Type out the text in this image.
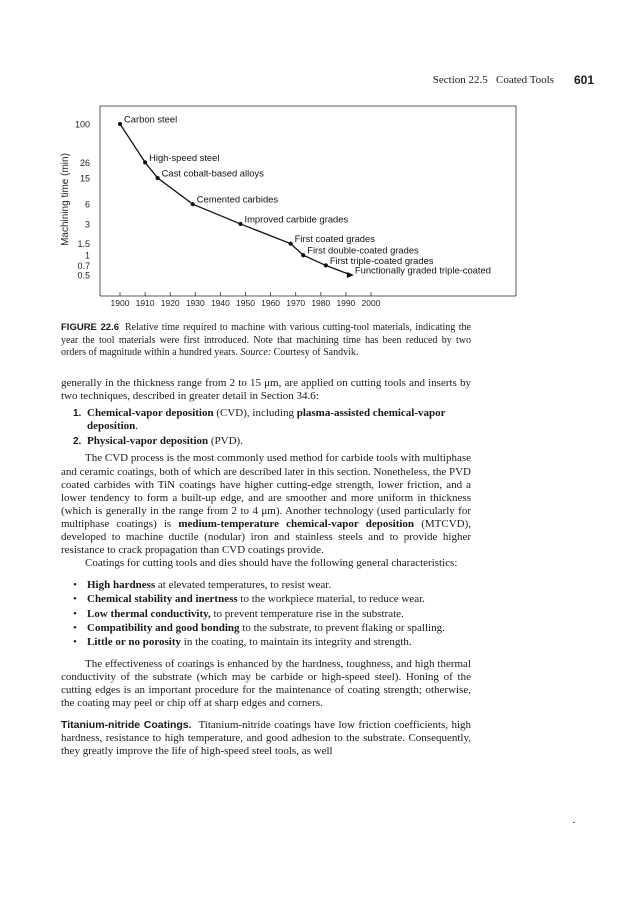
Section 22.5 Coated Tools 601
100
26
15
6
3
1.5
1
0.7
0.5
Machining time (min)
1900 1910 1920 1930 1940 1950 1960 1970 1980 1990 2000
Carbon steel
High-speed steel
Cast cobalt-based alloys
Cemented carbides
Improved carbide grades
First coated grades
First double-coated grades
First triple-coated grades
Functionally graded triple-coated
FIGURE 22.6 Relative time required to machine with various cutting-tool materials, indicating the year the tool materials were first introduced. Note that machining time has been reduced by two orders of magnitude within a hundred years. Source: Courtesy of Sandvik.

generally in the thickness range from 2 to 15 μm, are applied on cutting tools and inserts by two techniques, described in greater detail in Section 34.6:

1. Chemical-vapor deposition (CVD), including plasma-assisted chemical-vapor deposition.
2. Physical-vapor deposition (PVD).

The CVD process is the most commonly used method for carbide tools with multiphase and ceramic coatings, both of which are described later in this section. Nonetheless, the PVD coated carbides with TiN coatings have higher cutting-edge strength, lower friction, and a lower tendency to form a built-up edge, and are smoother and more uniform in thickness (which is generally in the range from 2 to 4 μm). Another technology (used particularly for multiphase coatings) is medium-temperature chemical-vapor deposition (MTCVD), developed to machine ductile (nodular) iron and stainless steels and to provide higher resistance to crack propagation than CVD coatings provide.

Coatings for cutting tools and dies should have the following general characteristics:

• High hardness at elevated temperatures, to resist wear.
• Chemical stability and inertness to the workpiece material, to reduce wear.
• Low thermal conductivity, to prevent temperature rise in the substrate.
• Compatibility and good bonding to the substrate, to prevent flaking or spalling.
• Little or no porosity in the coating, to maintain its integrity and strength.

The effectiveness of coatings is enhanced by the hardness, toughness, and high thermal conductivity of the substrate (which may be carbide or high-speed steel). Honing of the cutting edges is an important procedure for the maintenance of coating strength; otherwise, the coating may peel or chip off at sharp edges and corners.

Titanium-nitride Coatings. Titanium-nitride coatings have low friction coefficients, high hardness, resistance to high temperature, and good adhesion to the substrate. Consequently, they greatly improve the life of high-speed steel tools, as well
